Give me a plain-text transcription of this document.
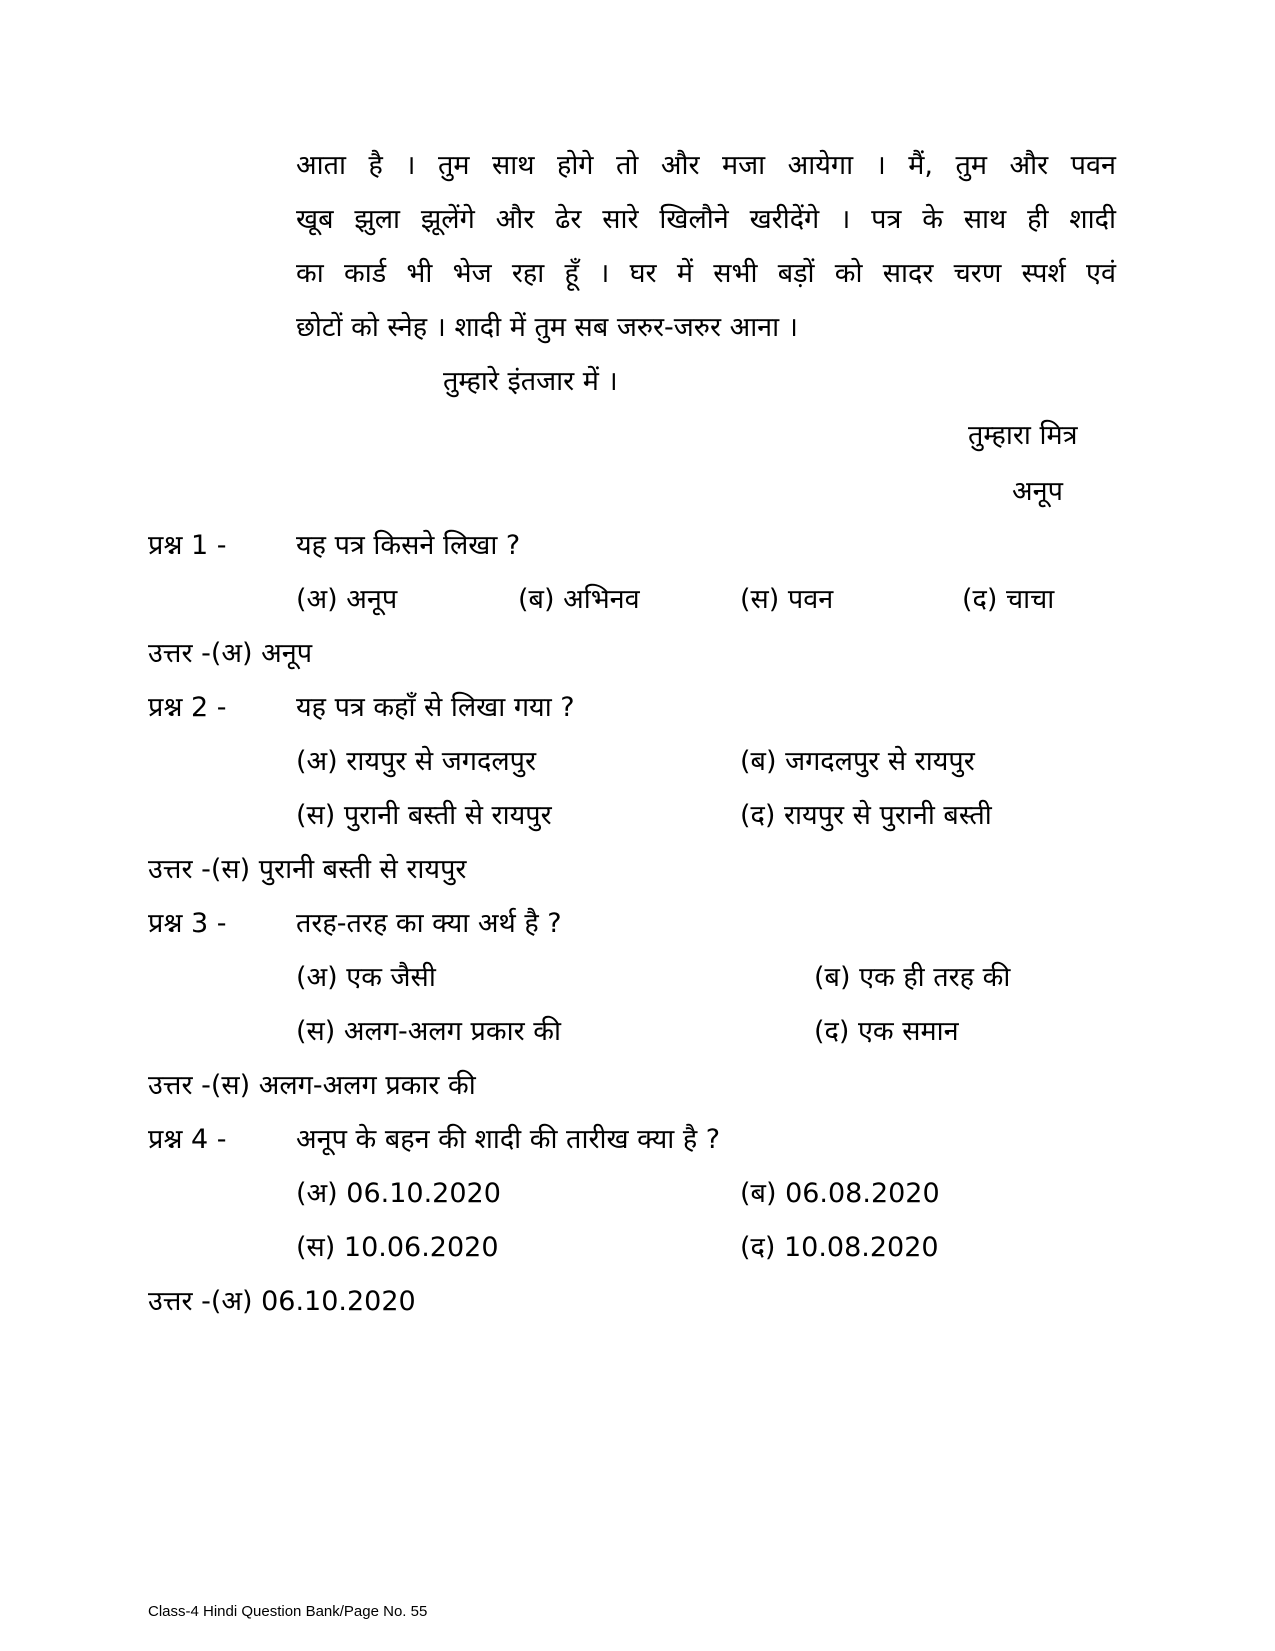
आता है । तुम साथ होगे तो और मजा आयेगा । मैं, तुम और पवन
खूब झुला झूलेंगे और ढेर सारे खिलौने खरीदेंगे । पत्र के साथ ही शादी
का कार्ड भी भेज रहा हूँ । घर में सभी बड़ों को सादर चरण स्पर्श एवं
छोटों को स्नेह । शादी में तुम सब जरुर-जरुर आना ।
तुम्हारे इंतजार में ।
तुम्हारा मित्र
अनूप
प्रश्न 1 -	यह पत्र किसने लिखा ?
(अ) अनूप	(ब) अभिनव	(स) पवन	(द) चाचा
उत्तर -(अ) अनूप
प्रश्न 2 -	यह पत्र कहाँ से लिखा गया ?
(अ) रायपुर से जगदलपुर	(ब) जगदलपुर से रायपुर
(स) पुरानी बस्ती से रायपुर	(द) रायपुर से पुरानी बस्ती
उत्तर -(स) पुरानी बस्ती से रायपुर
प्रश्न 3 -	तरह-तरह का क्या अर्थ है ?
(अ) एक जैसी	(ब) एक ही तरह की
(स) अलग-अलग प्रकार की	(द) एक समान
उत्तर -(स) अलग-अलग प्रकार की
प्रश्न 4 -	अनूप के बहन की शादी की तारीख क्या है ?
(अ) 06.10.2020	(ब) 06.08.2020
(स) 10.06.2020	(द) 10.08.2020
उत्तर -(अ) 06.10.2020
Class-4 Hindi Question Bank/Page No. 55
